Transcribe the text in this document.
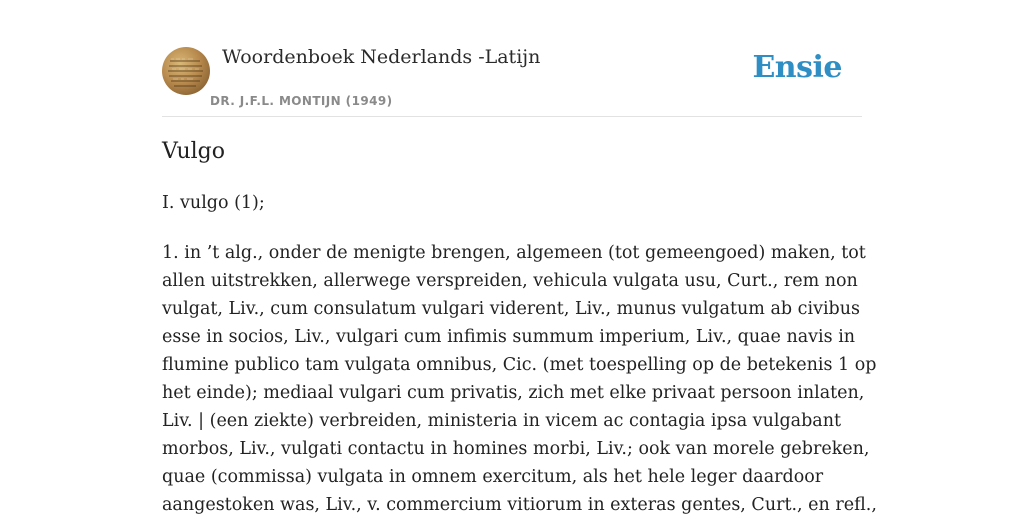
Woordenboek Nederlands -Latijn
DR. J.F.L. MONTIJN (1949)
Ensie
Vulgo

I. vulgo (1);

1. in ’t alg., onder de menigte brengen, algemeen (tot gemeengoed) maken, tot
allen uitstrekken, allerwege verspreiden, vehicula vulgata usu, Curt., rem non
vulgat, Liv., cum consulatum vulgari viderent, Liv., munus vulgatum ab civibus
esse in socios, Liv., vulgari cum infimis summum imperium, Liv., quae navis in
flumine publico tam vulgata omnibus, Cic. (met toespelling op de betekenis 1 op
het einde); mediaal vulgari cum privatis, zich met elke privaat persoon inlaten,
Liv. | (een ziekte) verbreiden, ministeria in vicem ac contagia ipsa vulgabant
morbos, Liv., vulgati contactu in homines morbi, Liv.; ook van morele gebreken,
quae (commissa) vulgata in omnem exercitum, als het hele leger daardoor
aangestoken was, Liv., v. commercium vitiorum in exteras gentes, Curt., en refl.,
